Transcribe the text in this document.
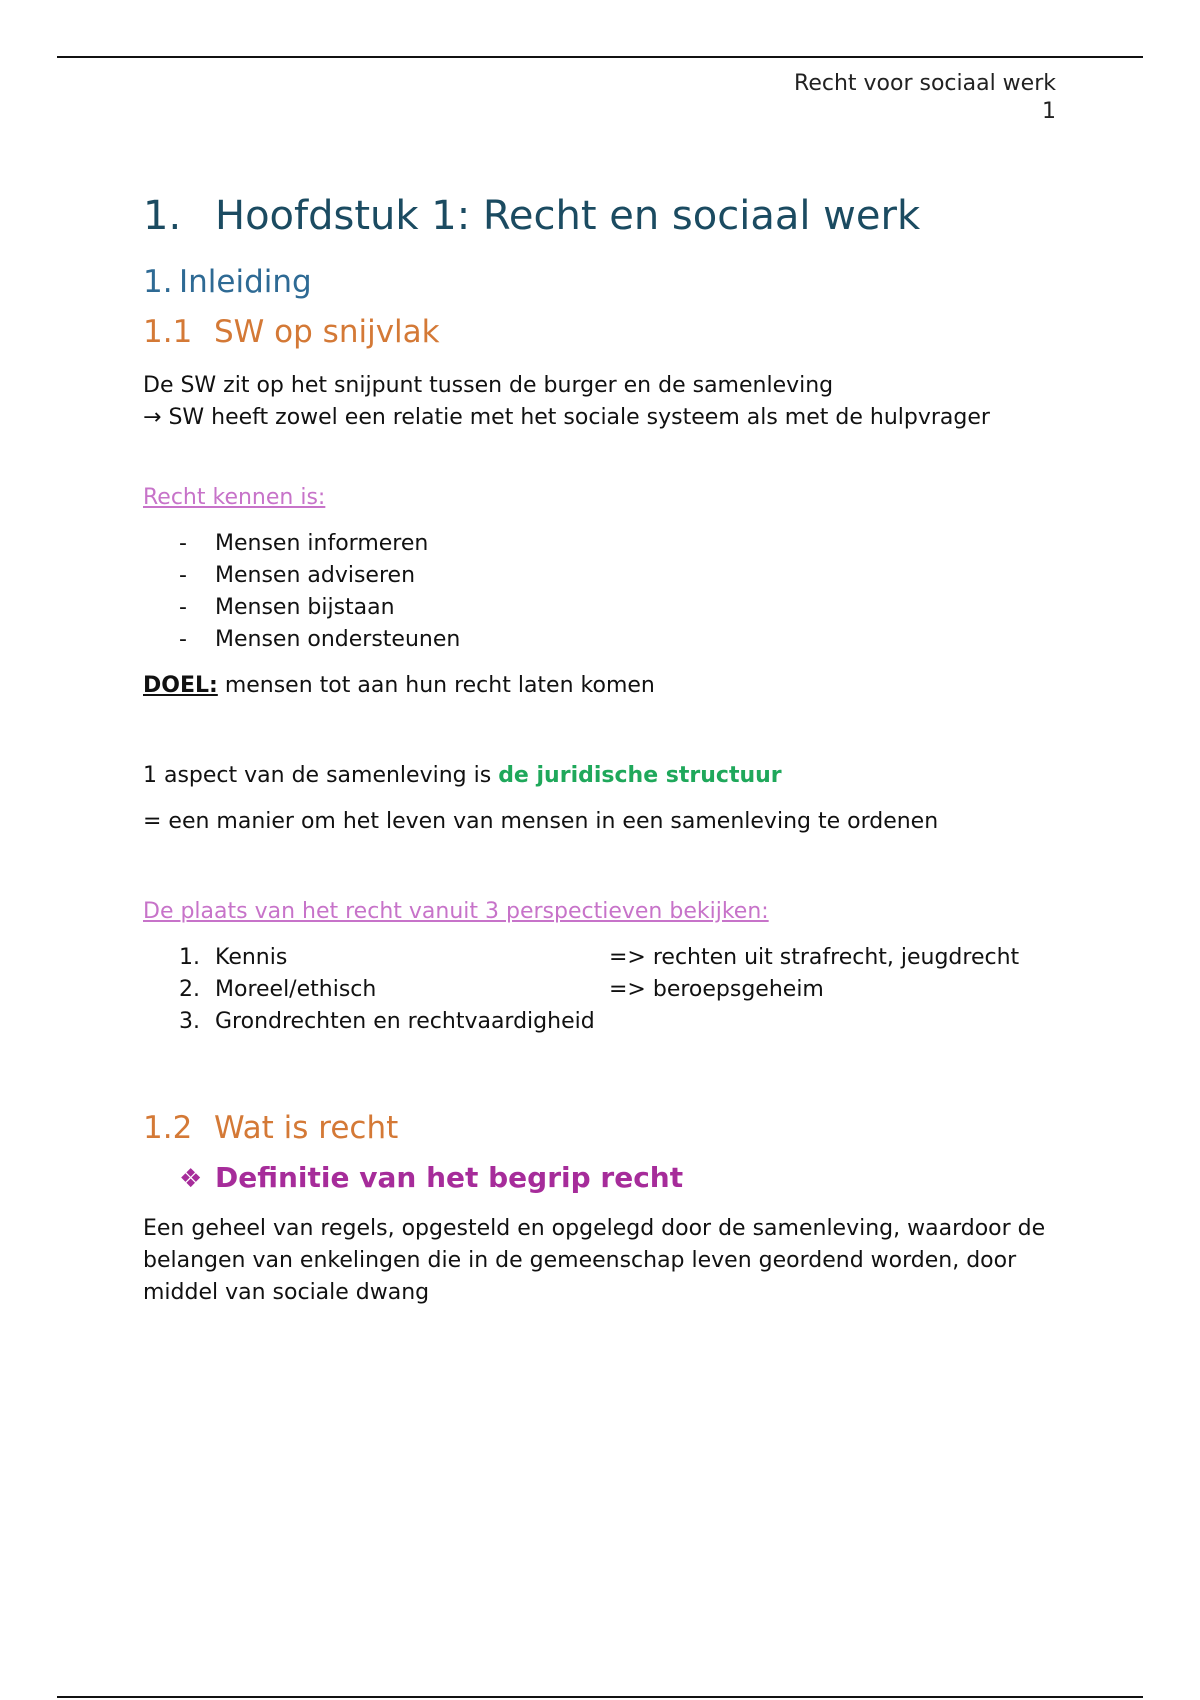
Recht voor sociaal werk
1
1. Hoofdstuk 1: Recht en sociaal werk
1. Inleiding
1.1 SW op snijvlak

De SW zit op het snijpunt tussen de burger en de samenleving
→ SW heeft zowel een relatie met het sociale systeem als met de hulpvrager

Recht kennen is:
- Mensen informeren
- Mensen adviseren
- Mensen bijstaan
- Mensen ondersteunen

DOEL: mensen tot aan hun recht laten komen

1 aspect van de samenleving is de juridische structuur

= een manier om het leven van mensen in een samenleving te ordenen

De plaats van het recht vanuit 3 perspectieven bekijken:
1. Kennis	=> rechten uit strafrecht, jeugdrecht
2. Moreel/ethisch	=> beroepsgeheim
3. Grondrechten en rechtvaardigheid
1.2 Wat is recht
❖ Definitie van het begrip recht

Een geheel van regels, opgesteld en opgelegd door de samenleving, waardoor de belangen van enkelingen die in de gemeenschap leven geordend worden, door middel van sociale dwang
